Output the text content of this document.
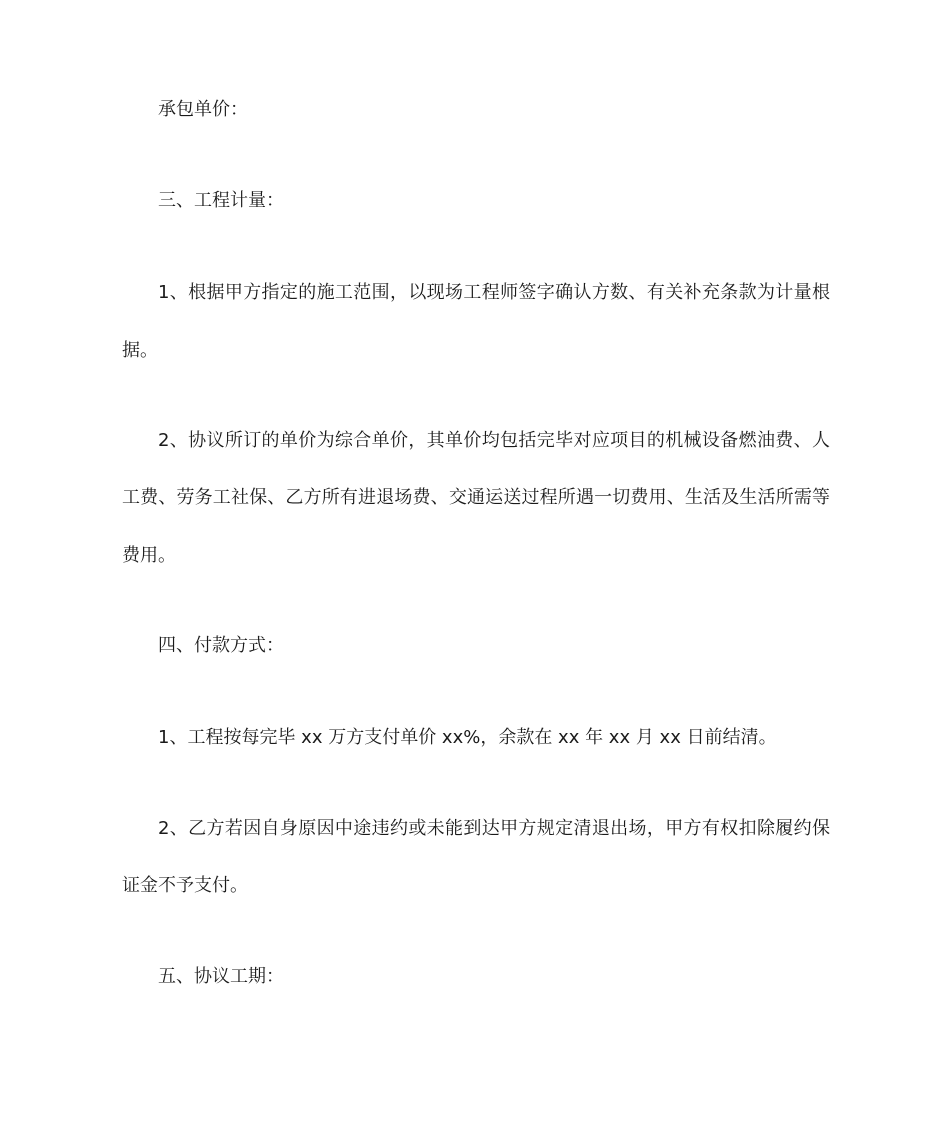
承包单价：
三、工程计量：
1、根据甲方指定的施工范围，以现场工程师签字确认方数、有关补充条款为计量根
据。
2、协议所订的单价为综合单价，其单价均包括完毕对应项目的机械设备燃油费、人
工费、劳务工社保、乙方所有进退场费、交通运送过程所遇一切费用、生活及生活所需等
费用。
四、付款方式：
1、工程按每完毕 xx 万方支付单价 xx%，余款在 xx 年 xx 月 xx 日前结清。
2、乙方若因自身原因中途违约或未能到达甲方规定清退出场，甲方有权扣除履约保
证金不予支付。
五、协议工期：
